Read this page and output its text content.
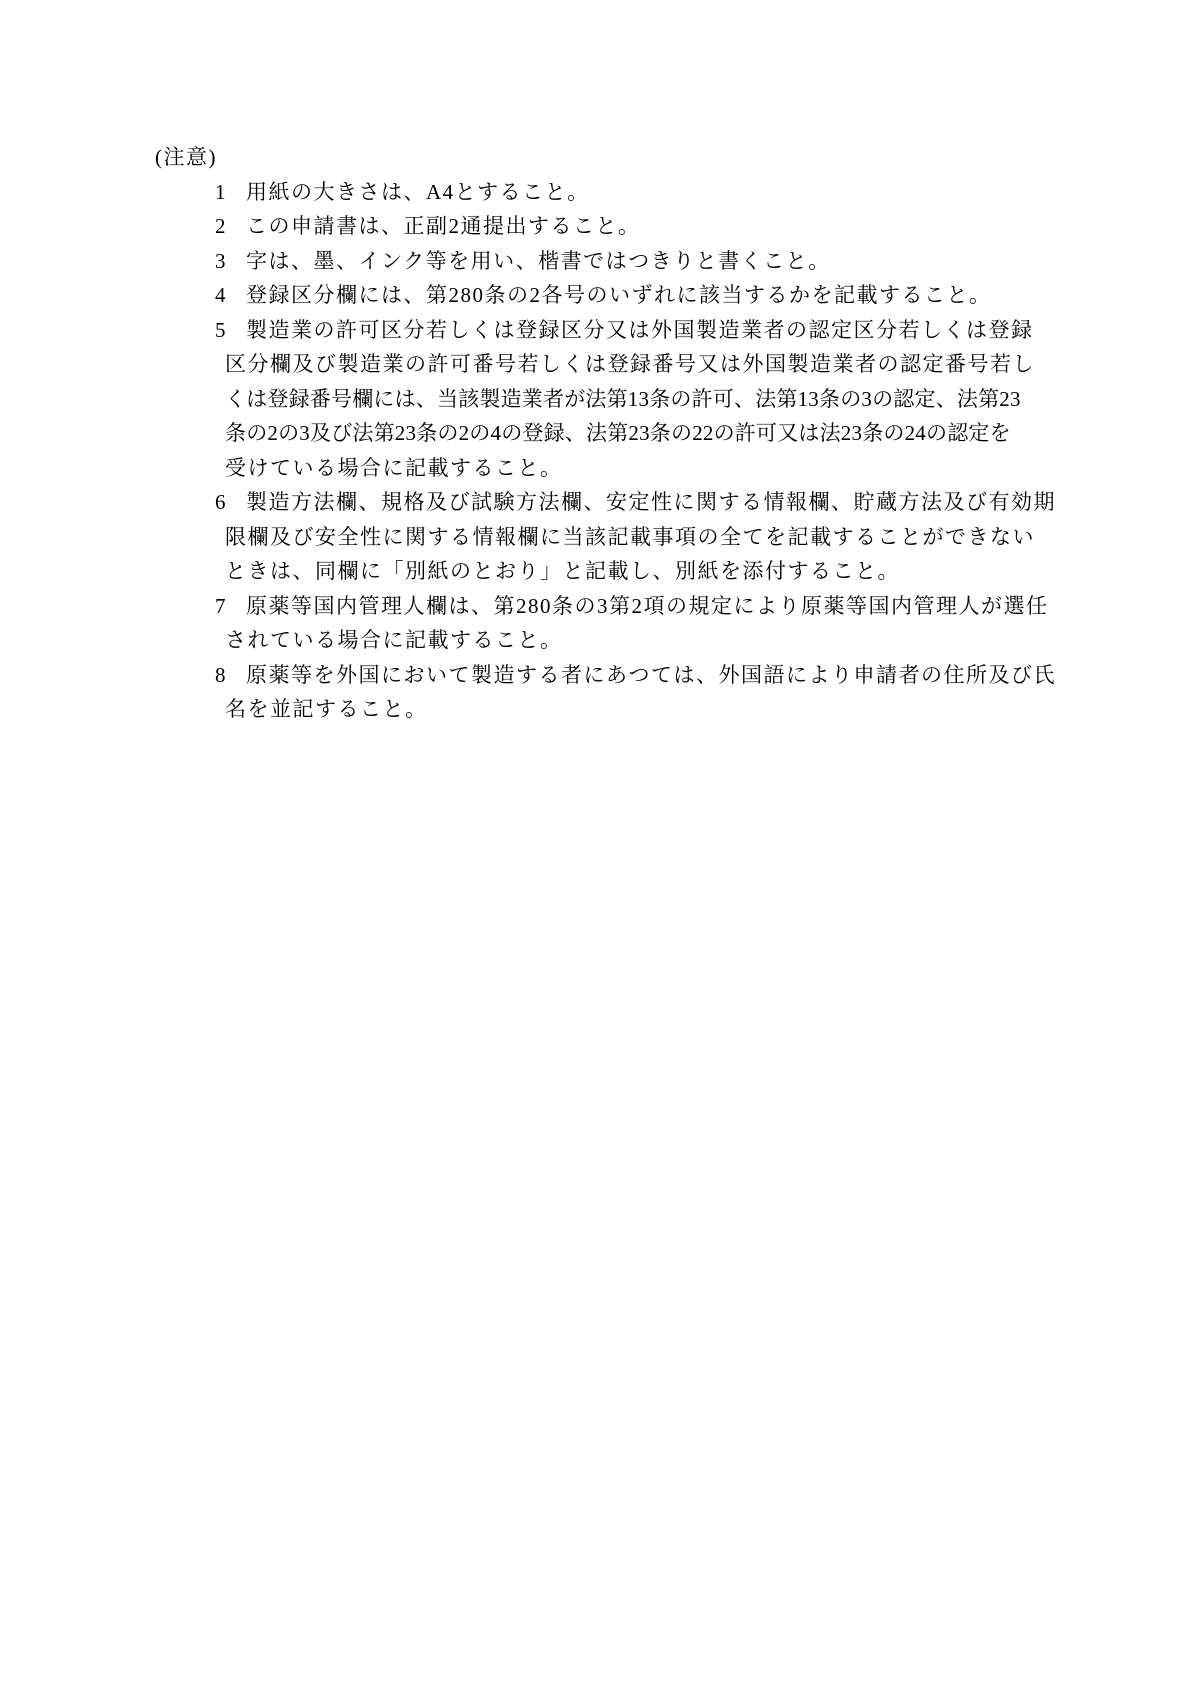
(注意)
1 用紙の大きさは、A4とすること。
2 この申請書は、正副2通提出すること。
3 字は、墨、インク等を用い、楷書ではつきりと書くこと。
4 登録区分欄には、第280条の2各号のいずれに該当するかを記載すること。
5 製造業の許可区分若しくは登録区分又は外国製造業者の認定区分若しくは登録
区分欄及び製造業の許可番号若しくは登録番号又は外国製造業者の認定番号若し
くは登録番号欄には、当該製造業者が法第13条の許可、法第13条の3の認定、法第23
条の2の3及び法第23条の2の4の登録、法第23条の22の許可又は法23条の24の認定を
受けている場合に記載すること。
6 製造方法欄、規格及び試験方法欄、安定性に関する情報欄、貯蔵方法及び有効期
限欄及び安全性に関する情報欄に当該記載事項の全てを記載することができない
ときは、同欄に「別紙のとおり」と記載し、別紙を添付すること。
7 原薬等国内管理人欄は、第280条の3第2項の規定により原薬等国内管理人が選任
されている場合に記載すること。
8 原薬等を外国において製造する者にあつては、外国語により申請者の住所及び氏
名を並記すること。
